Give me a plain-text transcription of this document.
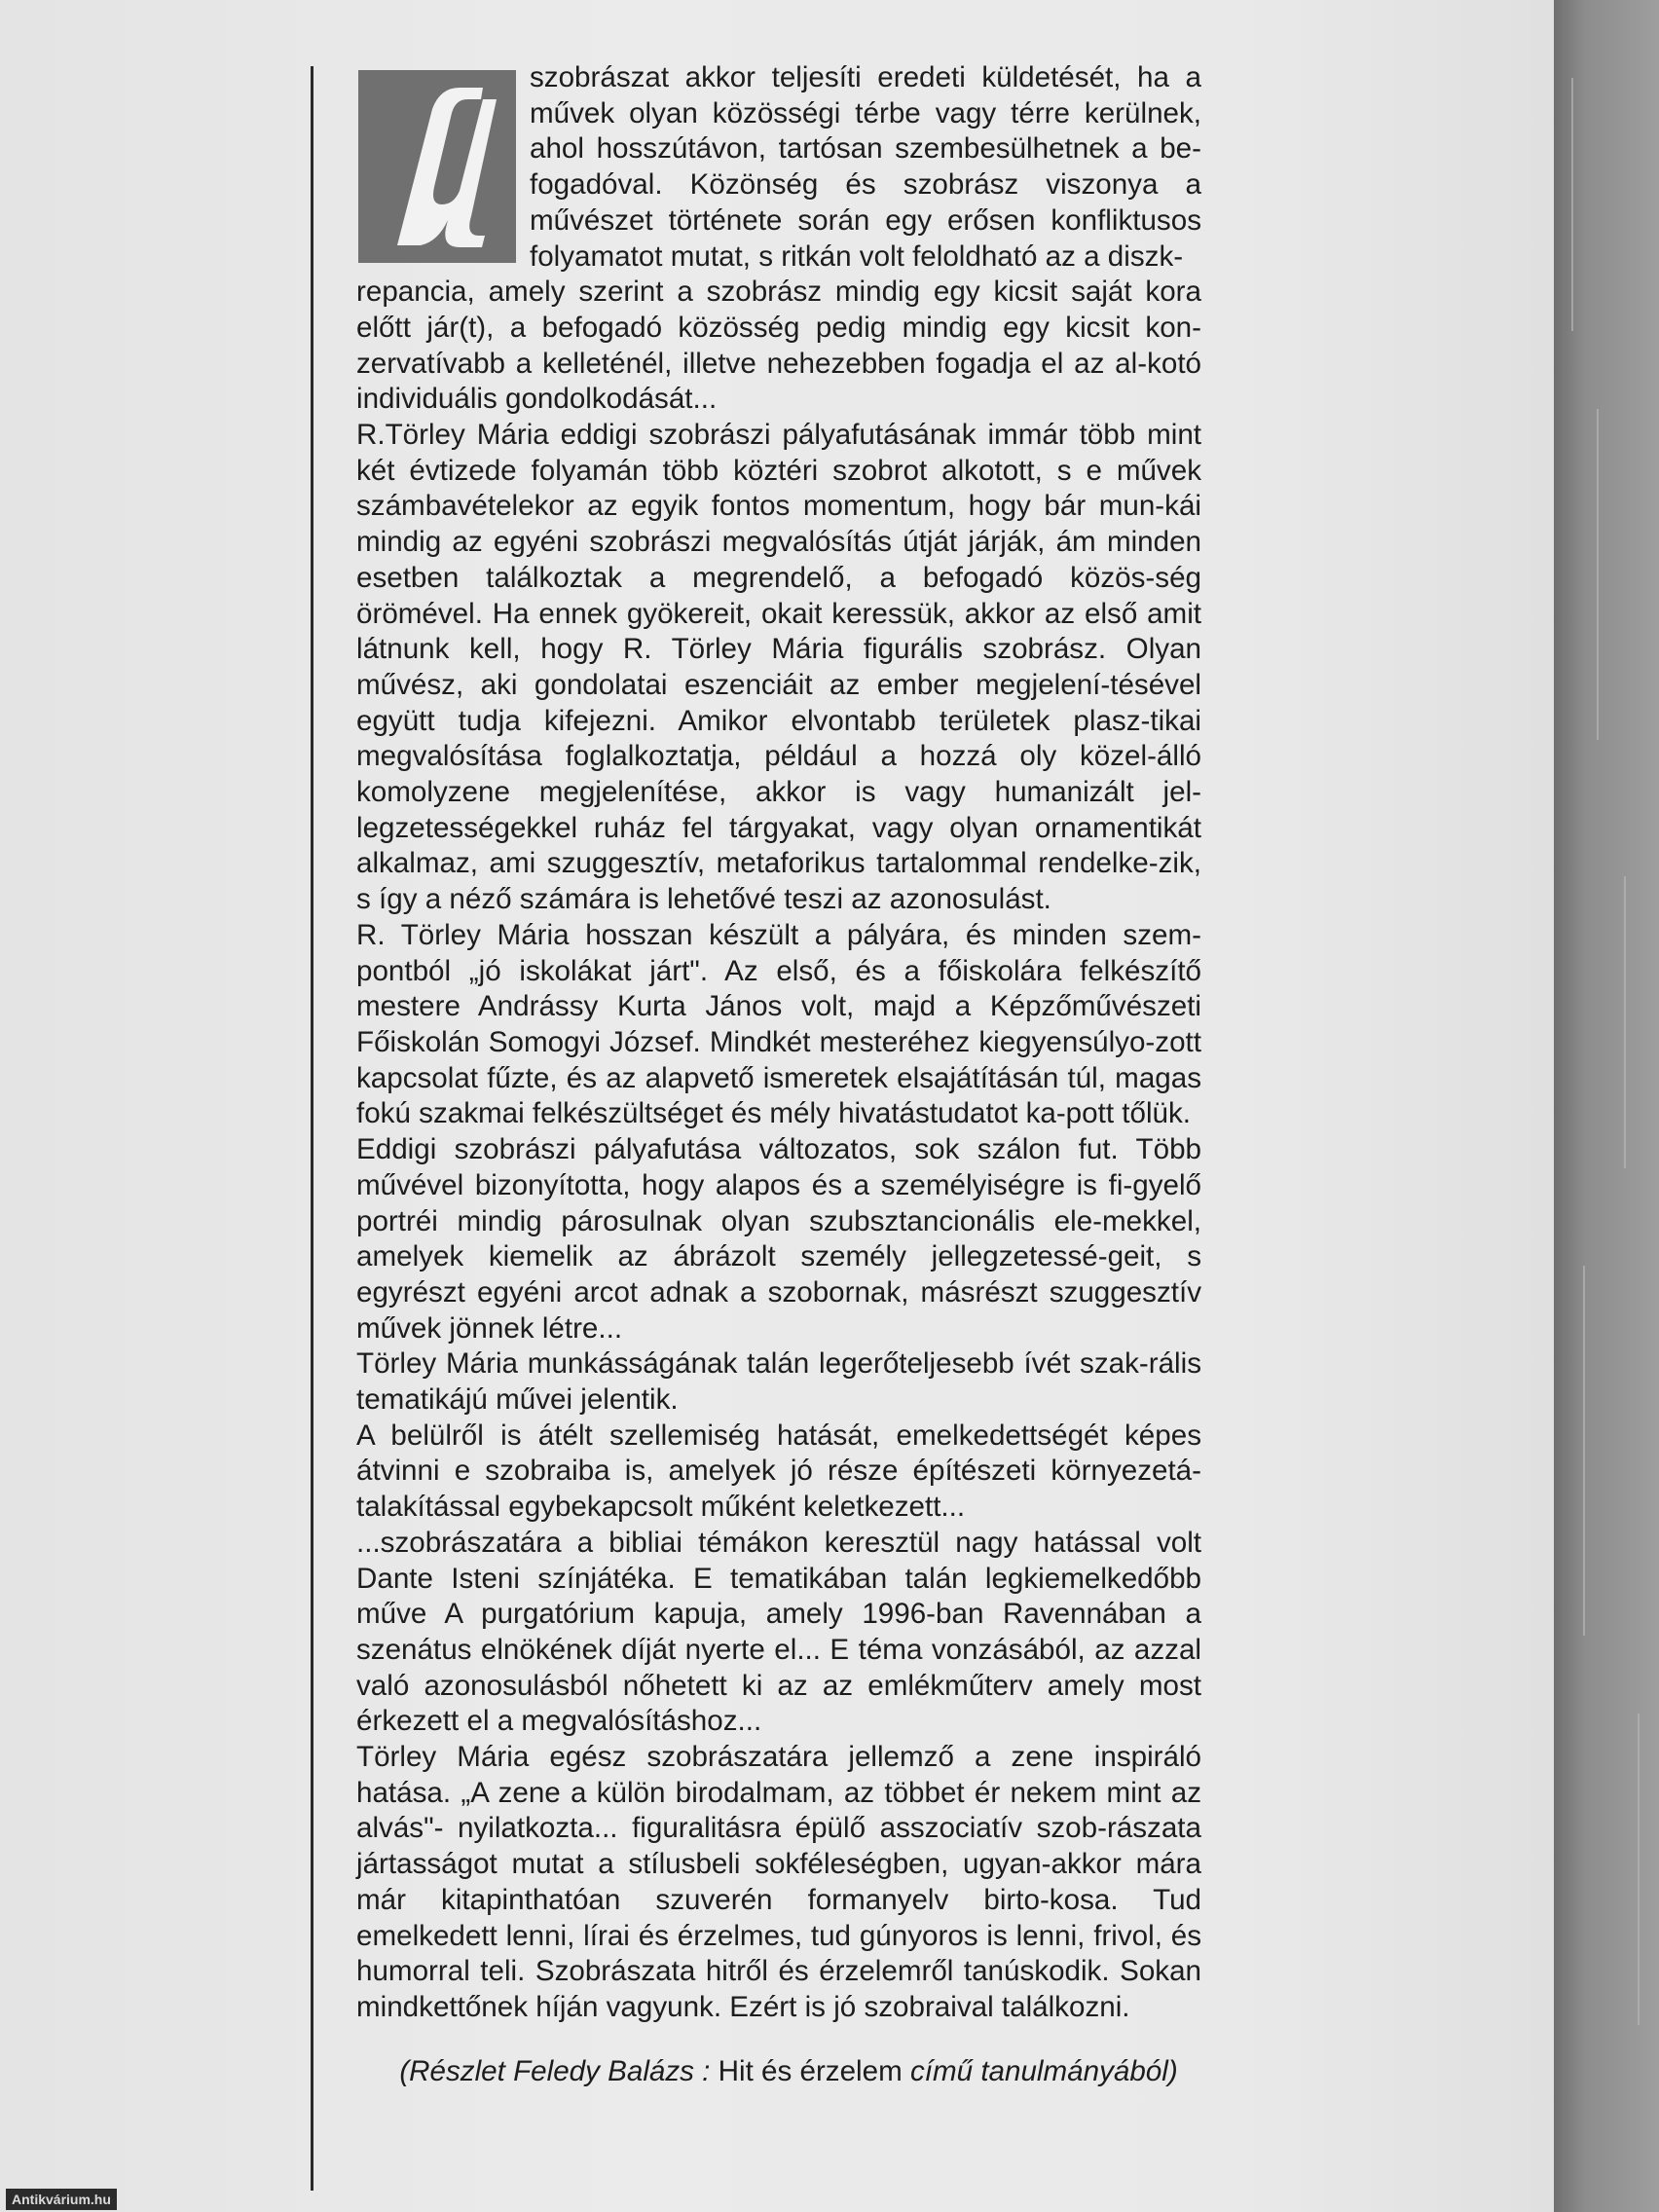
szobrászat akkor teljesíti eredeti küldetését, ha a művek olyan közösségi térbe vagy térre kerülnek, ahol hosszútávon, tartósan szembesülhetnek a be- fogadóval. Közönség és szobrász viszonya a művészet története során egy erősen konfliktusos folyamatot mutat, s ritkán volt feloldható az a diszk-
repancia, amely szerint a szobrász mindig egy kicsit saját kora előtt jár(t), a befogadó közösség pedig mindig egy kicsit kon-zervatívabb a kelleténél, illetve nehezebben fogadja el az al-kotó individuális gondolkodását...

R.Törley Mária eddigi szobrászi pályafutásának immár több mint két évtizede folyamán több köztéri szobrot alkotott, s e művek számbavételekor az egyik fontos momentum, hogy bár mun-kái mindig az egyéni szobrászi megvalósítás útját járják, ám minden esetben találkoztak a megrendelő, a befogadó közös-ség örömével. Ha ennek gyökereit, okait keressük, akkor az első amit látnunk kell, hogy R. Törley Mária figurális szobrász. Olyan művész, aki gondolatai eszenciáit az ember megjelení-tésével együtt tudja kifejezni. Amikor elvontabb területek plasz-tikai megvalósítása foglalkoztatja, például a hozzá oly közel-álló komolyzene megjelenítése, akkor is vagy humanizált jel-legzetességekkel ruház fel tárgyakat, vagy olyan ornamentikát alkalmaz, ami szuggesztív, metaforikus tartalommal rendelke-zik, s így a néző számára is lehetővé teszi az azonosulást.

R. Törley Mária hosszan készült a pályára, és minden szem-pontból „jó iskolákat járt". Az első, és a főiskolára felkészítő mestere Andrássy Kurta János volt, majd a Képzőművészeti Főiskolán Somogyi József. Mindkét mesteréhez kiegyensúlyo-zott kapcsolat fűzte, és az alapvető ismeretek elsajátításán túl, magas fokú szakmai felkészültséget és mély hivatástudatot ka-pott tőlük.

Eddigi szobrászi pályafutása változatos, sok szálon fut. Több művével bizonyította, hogy alapos és a személyiségre is fi-gyelő portréi mindig párosulnak olyan szubsztancionális ele-mekkel, amelyek kiemelik az ábrázolt személy jellegzetessé-geit, s egyrészt egyéni arcot adnak a szobornak, másrészt szuggesztív művek jönnek létre...

Törley Mária munkásságának talán legerőteljesebb ívét szak-rális tematikájú művei jelentik.

A belülről is átélt szellemiség hatását, emelkedettségét képes átvinni e szobraiba is, amelyek jó része építészeti környezetá-talakítással egybekapcsolt műként keletkezett...

...szobrászatára a bibliai témákon keresztül nagy hatással volt Dante Isteni színjátéka. E tematikában talán legkiemelkedőbb műve A purgatórium kapuja, amely 1996-ban Ravennában a szenátus elnökének díját nyerte el... E téma vonzásából, az azzal való azonosulásból nőhetett ki az az emlékműterv amely most érkezett el a megvalósításhoz...

Törley Mária egész szobrászatára jellemző a zene inspiráló hatása. „A zene a külön birodalmam, az többet ér nekem mint az alvás"- nyilatkozta... figuralitásra épülő asszociatív szob-rászata jártasságot mutat a stílusbeli sokféleségben, ugyan-akkor mára már kitapinthatóan szuverén formanyelv birto-kosa. Tud emelkedett lenni, lírai és érzelmes, tud gúnyoros is lenni, frivol, és humorral teli. Szobrászata hitről és érzelemről tanúskodik. Sokan mindkettőnek híján vagyunk. Ezért is jó szobraival találkozni.

(Részlet Feledy Balázs : Hit és érzelem című tanulmányából)
Antikvárium.hu
